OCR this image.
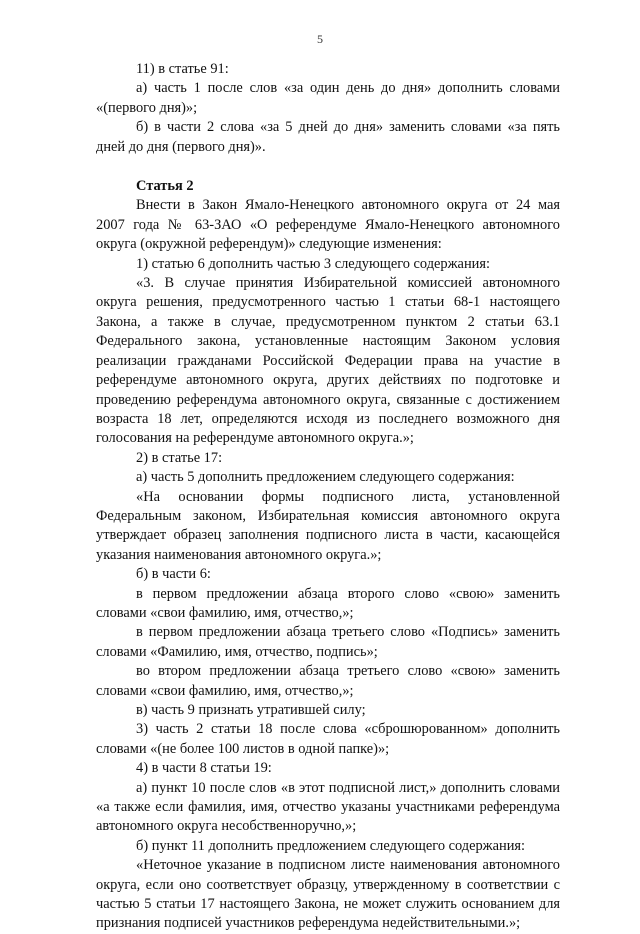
5

11) в статье 91:

а) часть 1 после слов «за один день до дня» дополнить словами «(первого дня)»;

б) в части 2 слова «за 5 дней до дня» заменить словами «за пять дней до дня (первого дня)».

Статья 2

Внести в Закон Ямало-Ненецкого автономного округа от 24 мая 2007 года № 63-ЗАО «О референдуме Ямало-Ненецкого автономного округа (окружной референдум)» следующие изменения:

1) статью 6 дополнить частью 3 следующего содержания:

«3. В случае принятия Избирательной комиссией автономного округа решения, предусмотренного частью 1 статьи 68-1 настоящего Закона, а также в случае, предусмотренном пунктом 2 статьи 63.1 Федерального закона, установленные настоящим Законом условия реализации гражданами Российской Федерации права на участие в референдуме автономного округа, других действиях по подготовке и проведению референдума автономного округа, связанные с достижением возраста 18 лет, определяются исходя из последнего возможного дня голосования на референдуме автономного округа.»;

2) в статье 17:

а) часть 5 дополнить предложением следующего содержания:

«На основании формы подписного листа, установленной Федеральным законом, Избирательная комиссия автономного округа утверждает образец заполнения подписного листа в части, касающейся указания наименования автономного округа.»;

б) в части 6:

в первом предложении абзаца второго слово «свою» заменить словами «свои фамилию, имя, отчество,»;

в первом предложении абзаца третьего слово «Подпись» заменить словами «Фамилию, имя, отчество, подпись»;

во втором предложении абзаца третьего слово «свою» заменить словами «свои фамилию, имя, отчество,»;

в) часть 9 признать утратившей силу;

3) часть 2 статьи 18 после слова «сброшюрованном» дополнить словами «(не более 100 листов в одной папке)»;

4) в части 8 статьи 19:

а) пункт 10 после слов «в этот подписной лист,» дополнить словами «а также если фамилия, имя, отчество указаны участниками референдума автономного округа несобственноручно,»;

б) пункт 11 дополнить предложением следующего содержания:

«Неточное указание в подписном листе наименования автономного округа, если оно соответствует образцу, утвержденному в соответствии с частью 5 статьи 17 настоящего Закона, не может служить основанием для признания подписей участников референдума недействительными.»;
